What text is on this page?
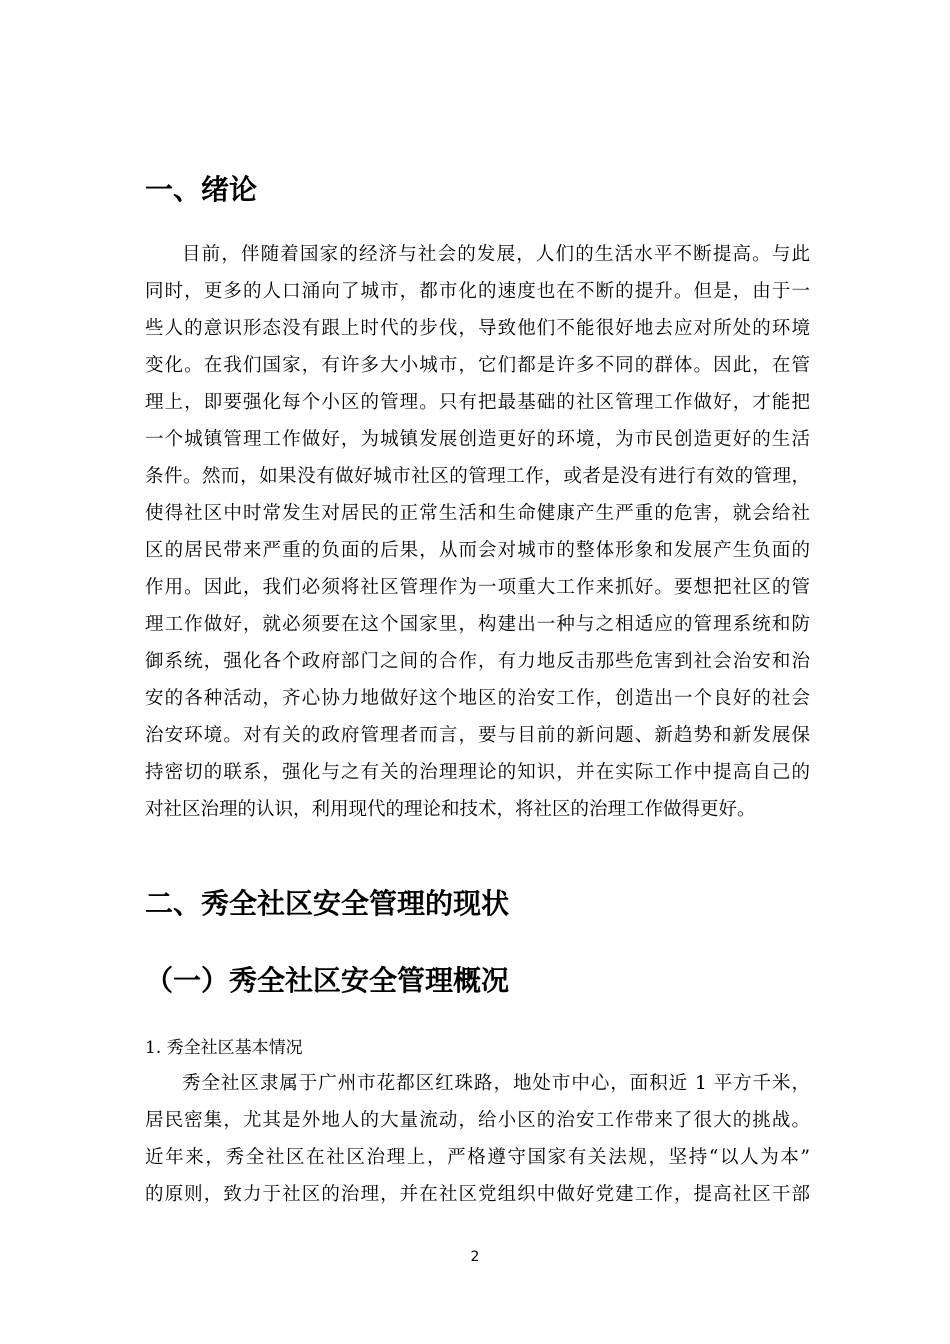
一、绪论
目前，伴随着国家的经济与社会的发展，人们的生活水平不断提高。与此
同时，更多的人口涌向了城市，都市化的速度也在不断的提升。但是，由于一
些人的意识形态没有跟上时代的步伐，导致他们不能很好地去应对所处的环境
变化。在我们国家，有许多大小城市，它们都是许多不同的群体。因此，在管
理上，即要强化每个小区的管理。只有把最基础的社区管理工作做好，才能把
一个城镇管理工作做好，为城镇发展创造更好的环境，为市民创造更好的生活
条件。然而，如果没有做好城市社区的管理工作，或者是没有进行有效的管理，
使得社区中时常发生对居民的正常生活和生命健康产生严重的危害，就会给社
区的居民带来严重的负面的后果，从而会对城市的整体形象和发展产生负面的
作用。因此，我们必须将社区管理作为一项重大工作来抓好。要想把社区的管
理工作做好，就必须要在这个国家里，构建出一种与之相适应的管理系统和防
御系统，强化各个政府部门之间的合作，有力地反击那些危害到社会治安和治
安的各种活动，齐心协力地做好这个地区的治安工作，创造出一个良好的社会
治安环境。对有关的政府管理者而言，要与目前的新问题、新趋势和新发展保
持密切的联系，强化与之有关的治理理论的知识，并在实际工作中提高自己的
对社区治理的认识，利用现代的理论和技术，将社区的治理工作做得更好。
二、秀全社区安全管理的现状
（一）秀全社区安全管理概况

1. 秀全社区基本情况

秀全社区隶属于广州市花都区红珠路，地处市中心，面积近 1 平方千米，
居民密集，尤其是外地人的大量流动，给小区的治安工作带来了很大的挑战。
近年来，秀全社区在社区治理上，严格遵守国家有关法规，坚持“以人为本”
的原则，致力于社区的治理，并在社区党组织中做好党建工作，提高社区干部
2
